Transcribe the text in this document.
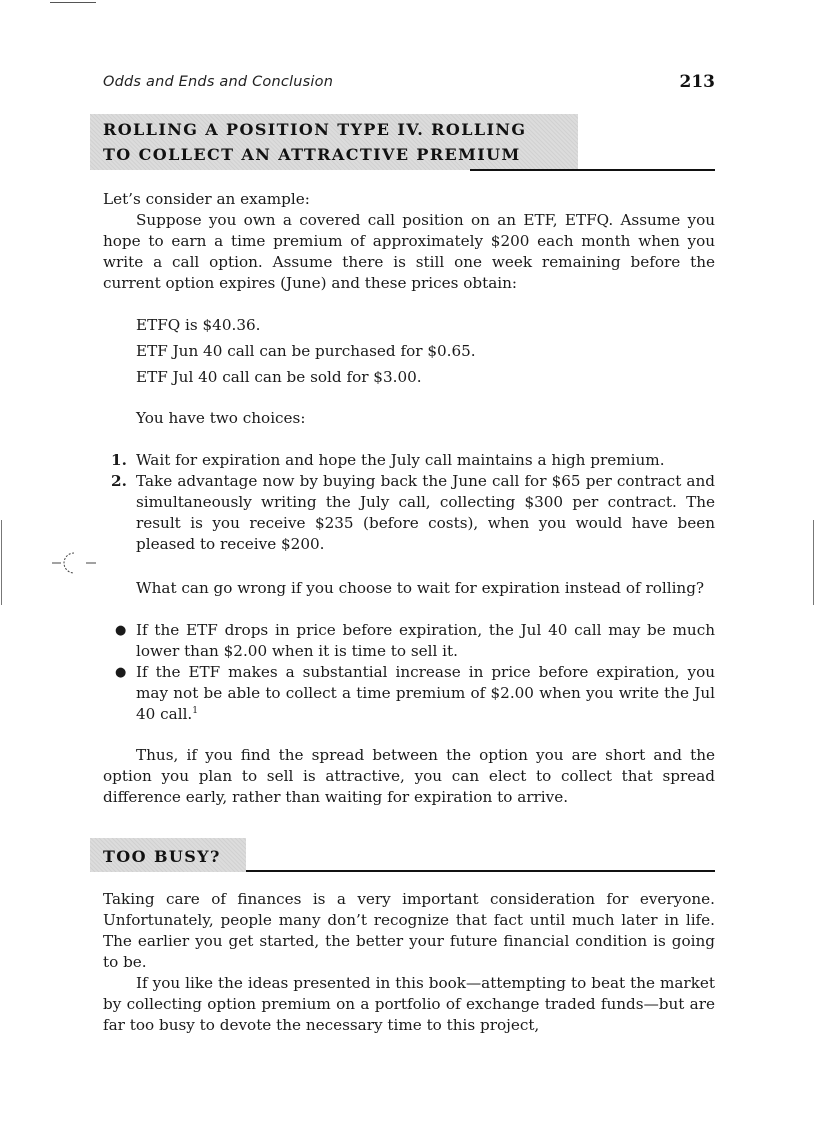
Odds and Ends and Conclusion	213
ROLLING A POSITION TYPE IV. ROLLING
TO COLLECT AN ATTRACTIVE PREMIUM

Let’s consider an example:

Suppose you own a covered call position on an ETF, ETFQ. Assume you hope to earn a time premium of approximately $200 each month when you write a call option. Assume there is still one week remaining before the current option expires (June) and these prices obtain:

ETFQ is $40.36.
ETF Jun 40 call can be purchased for $0.65.
ETF Jul 40 call can be sold for $3.00.
You have two choices:
1. Wait for expiration and hope the July call maintains a high premium.
2. Take advantage now by buying back the June call for $65 per contract and simultaneously writing the July call, collecting $300 per contract. The result is you receive $235 (before costs), when you would have been pleased to receive $200.
What can go wrong if you choose to wait for expiration instead of rolling?
● If the ETF drops in price before expiration, the Jul 40 call may be much lower than $2.00 when it is time to sell it.
● If the ETF makes a substantial increase in price before expiration, you may not be able to collect a time premium of $2.00 when you write the Jul 40 call.$^1$

Thus, if you find the spread between the option you are short and the option you plan to sell is attractive, you can elect to collect that spread difference early, rather than waiting for expiration to arrive.

TOO BUSY?

Taking care of finances is a very important consideration for everyone. Unfortunately, people many don’t recognize that fact until much later in life. The earlier you get started, the better your future financial condition is going to be.

If you like the ideas presented in this book—attempting to beat the market by collecting option premium on a portfolio of exchange traded funds—but are far too busy to devote the necessary time to this project,
